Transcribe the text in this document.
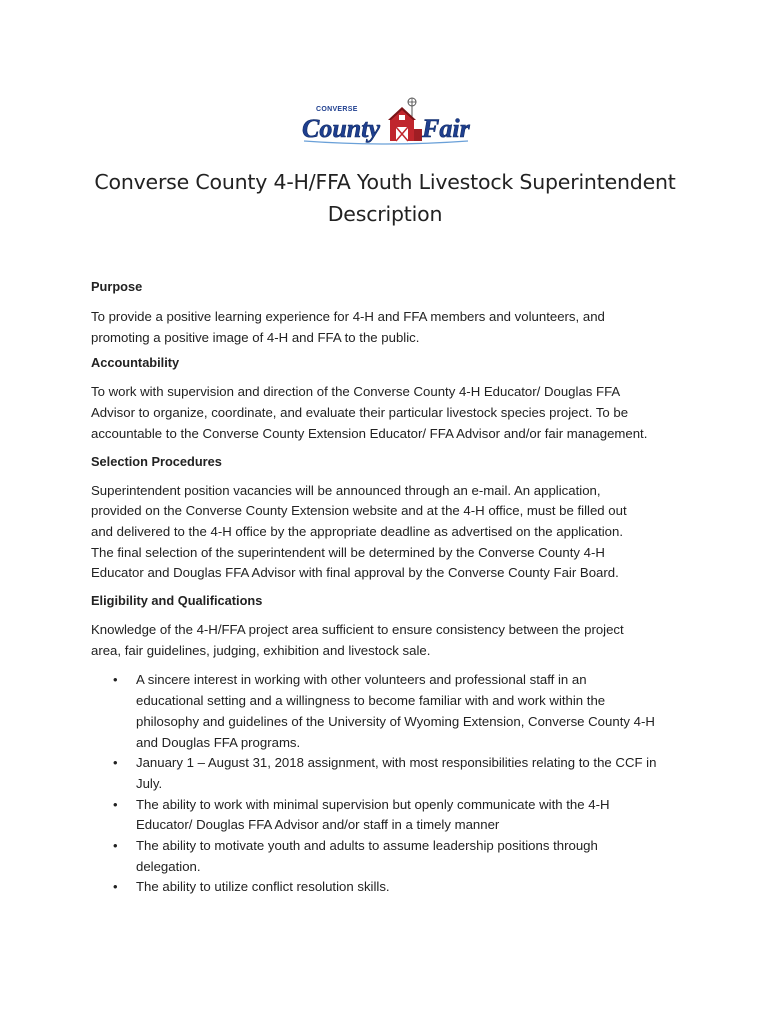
CONVERSE
County Fair
Converse County 4-H/FFA Youth Livestock Superintendent
Description

Purpose

To provide a positive learning experience for 4-H and FFA members and volunteers, and
promoting a positive image of 4-H and FFA to the public.

Accountability

To work with supervision and direction of the Converse County 4-H Educator/ Douglas FFA
Advisor to organize, coordinate, and evaluate their particular livestock species project. To be
accountable to the Converse County Extension Educator/ FFA Advisor and/or fair management.

Selection Procedures

Superintendent position vacancies will be announced through an e-mail. An application,
provided on the Converse County Extension website and at the 4-H office, must be filled out
and delivered to the 4-H office by the appropriate deadline as advertised on the application.
The final selection of the superintendent will be determined by the Converse County 4-H
Educator and Douglas FFA Advisor with final approval by the Converse County Fair Board.

Eligibility and Qualifications

Knowledge of the 4-H/FFA project area sufficient to ensure consistency between the project
area, fair guidelines, judging, exhibition and livestock sale.

• A sincere interest in working with other volunteers and professional staff in an
educational setting and a willingness to become familiar with and work within the
philosophy and guidelines of the University of Wyoming Extension, Converse County 4-H
and Douglas FFA programs.
• January 1 – August 31, 2018 assignment, with most responsibilities relating to the CCF in
July.
• The ability to work with minimal supervision but openly communicate with the 4-H
Educator/ Douglas FFA Advisor and/or staff in a timely manner
• The ability to motivate youth and adults to assume leadership positions through
delegation.
• The ability to utilize conflict resolution skills.
